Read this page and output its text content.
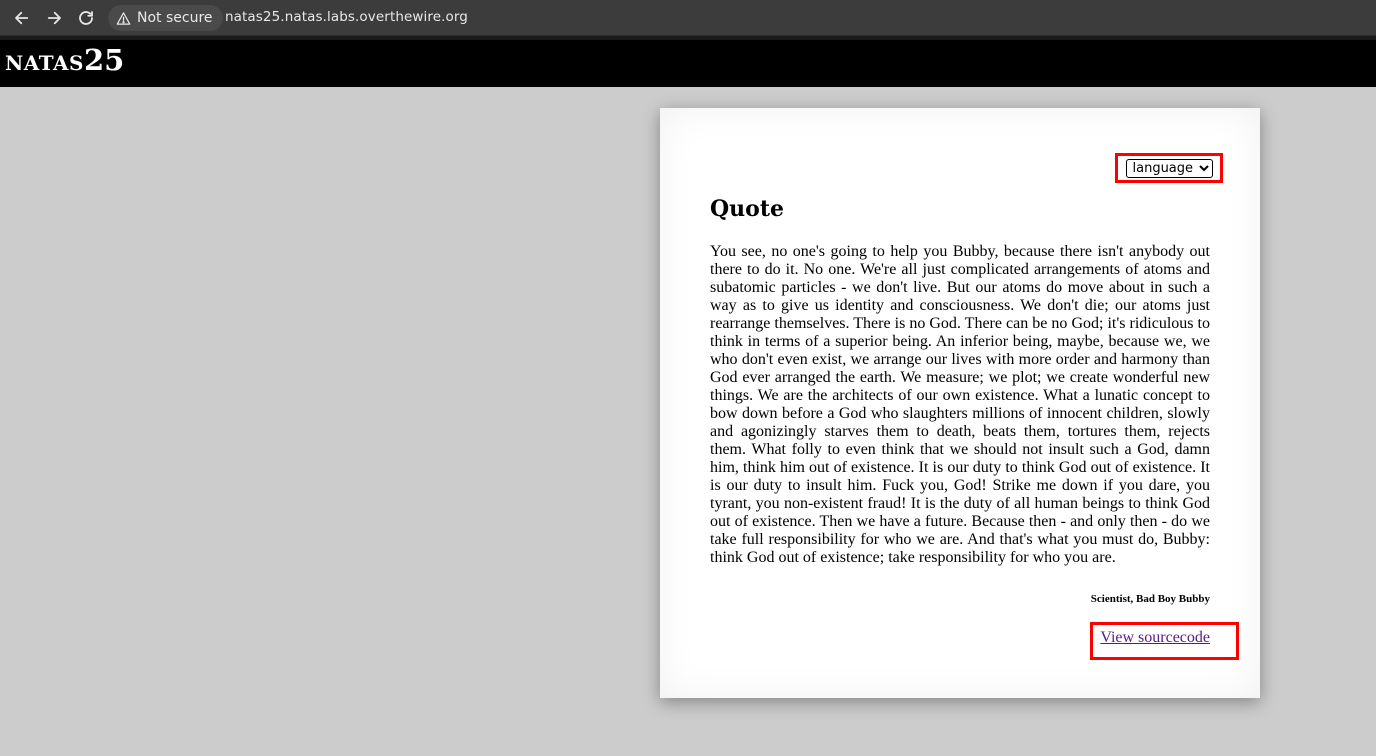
Not secure natas25.natas.labs.overthewire.org
NATAS25
language
Quote

You see, no one's going to help you Bubby, because there isn't anybody out there to do it. No one. We're all just complicated arrangements of atoms and subatomic particles - we don't live. But our atoms do move about in such a way as to give us identity and consciousness. We don't die; our atoms just rearrange themselves. There is no God. There can be no God; it's ridiculous to think in terms of a superior being. An inferior being, maybe, because we, we who don't even exist, we arrange our lives with more order and harmony than God ever arranged the earth. We measure; we plot; we create wonderful new things. We are the architects of our own existence. What a lunatic concept to bow down before a God who slaughters millions of innocent children, slowly and agonizingly starves them to death, beats them, tortures them, rejects them. What folly to even think that we should not insult such a God, damn him, think him out of existence. It is our duty to think God out of existence. It is our duty to insult him. Fuck you, God! Strike me down if you dare, you tyrant, you non-existent fraud! It is the duty of all human beings to think God out of existence. Then we have a future. Because then - and only then - do we take full responsibility for who we are. And that's what you must do, Bubby: think God out of existence; take responsibility for who you are.

Scientist, Bad Boy Bubby

View sourcecode
